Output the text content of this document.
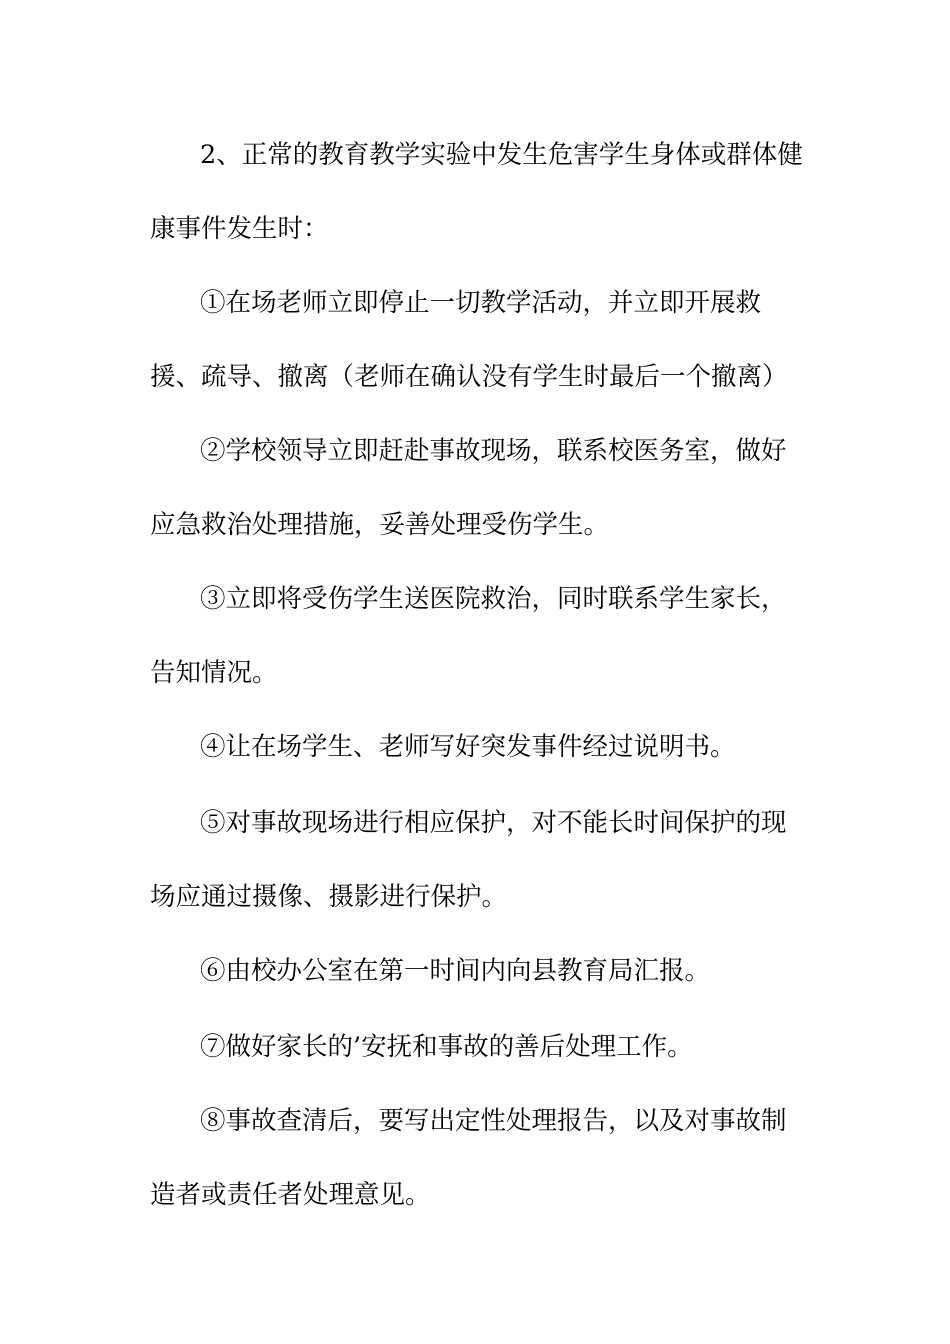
2、正常的教育教学实验中发生危害学生身体或群体健
康事件发生时：
①在场老师立即停止一切教学活动，并立即开展救
援、疏导、撤离（老师在确认没有学生时最后一个撤离）
②学校领导立即赶赴事故现场，联系校医务室，做好
应急救治处理措施，妥善处理受伤学生。
③立即将受伤学生送医院救治，同时联系学生家长，
告知情况。
④让在场学生、老师写好突发事件经过说明书。
⑤对事故现场进行相应保护，对不能长时间保护的现
场应通过摄像、摄影进行保护。
⑥由校办公室在第一时间内向县教育局汇报。
⑦做好家长的’安抚和事故的善后处理工作。
⑧事故查清后，要写出定性处理报告，以及对事故制
造者或责任者处理意见。
